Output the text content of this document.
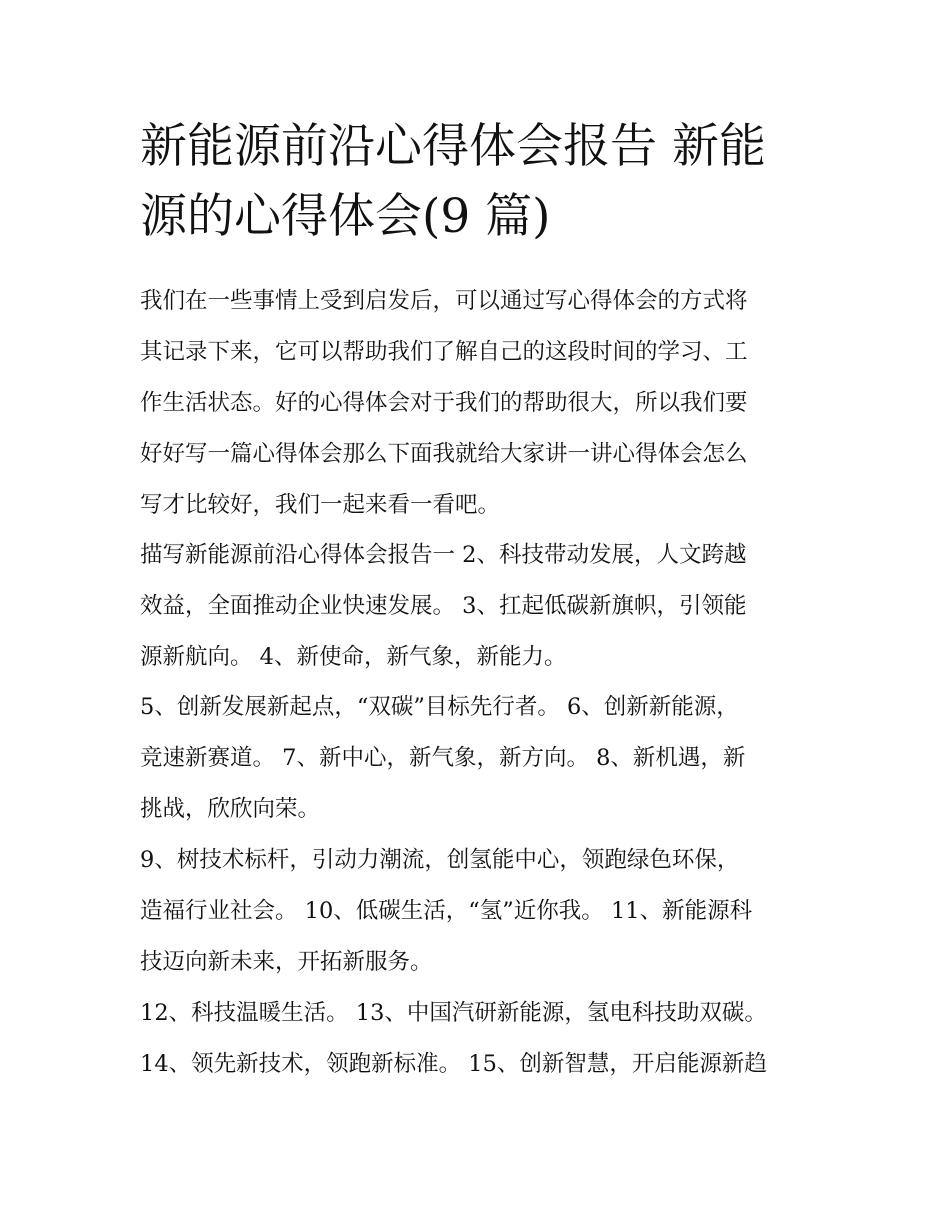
新能源前沿心得体会报告 新能
源的心得体会(9 篇)

我们在一些事情上受到启发后，可以通过写心得体会的方式将

其记录下来，它可以帮助我们了解自己的这段时间的学习、工

作生活状态。好的心得体会对于我们的帮助很大，所以我们要

好好写一篇心得体会那么下面我就给大家讲一讲心得体会怎么

写才比较好，我们一起来看一看吧。

描写新能源前沿心得体会报告一 2、科技带动发展，人文跨越

效益，全面推动企业快速发展。 3、扛起低碳新旗帜，引领能

源新航向。 4、新使命，新气象，新能力。

5、创新发展新起点，“双碳”目标先行者。 6、创新新能源，

竞速新赛道。 7、新中心，新气象，新方向。 8、新机遇，新

挑战，欣欣向荣。

9、树技术标杆，引动力潮流，创氢能中心，领跑绿色环保，

造福行业社会。 10、低碳生活，“氢”近你我。 11、新能源科

技迈向新未来，开拓新服务。

12、科技温暖生活。 13、中国汽研新能源，氢电科技助双碳。

14、领先新技术，领跑新标准。 15、创新智慧，开启能源新趋
